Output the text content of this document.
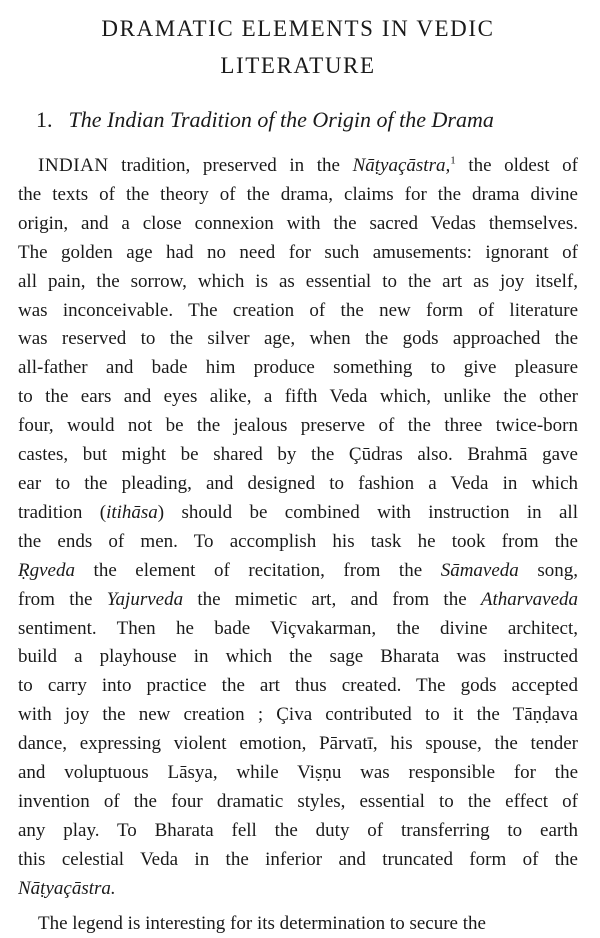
DRAMATIC ELEMENTS IN VEDIC
LITERATURE
1. The Indian Tradition of the Origin of the Drama
INDIAN tradition, preserved in the Nāṭyaçāstra,$^1$ the oldest of
the texts of the theory of the drama, claims for the drama divine
origin, and a close connexion with the sacred Vedas themselves.
The golden age had no need for such amusements: ignorant of
all pain, the sorrow, which is as essential to the art as joy itself,
was inconceivable. The creation of the new form of literature
was reserved to the silver age, when the gods approached the
all-father and bade him produce something to give pleasure
to the ears and eyes alike, a fifth Veda which, unlike the other
four, would not be the jealous preserve of the three twice-born
castes, but might be shared by the Çūdras also. Brahmā gave
ear to the pleading, and designed to fashion a Veda in which
tradition (itihāsa) should be combined with instruction in all
the ends of men. To accomplish his task he took from the
Ṛgveda the element of recitation, from the Sāmaveda song,
from the Yajurveda the mimetic art, and from the Atharvaveda
sentiment. Then he bade Viçvakarman, the divine architect,
build a playhouse in which the sage Bharata was instructed
to carry into practice the art thus created. The gods accepted
with joy the new creation ; Çiva contributed to it the Tāṇḍava
dance, expressing violent emotion, Pārvatī, his spouse, the tender
and voluptuous Lāsya, while Viṣṇu was responsible for the
invention of the four dramatic styles, essential to the effect of
any play. To Bharata fell the duty of transferring to earth
this celestial Veda in the inferior and truncated form of the
Nāṭyaçāstra.
The legend is interesting for its determination to secure the
